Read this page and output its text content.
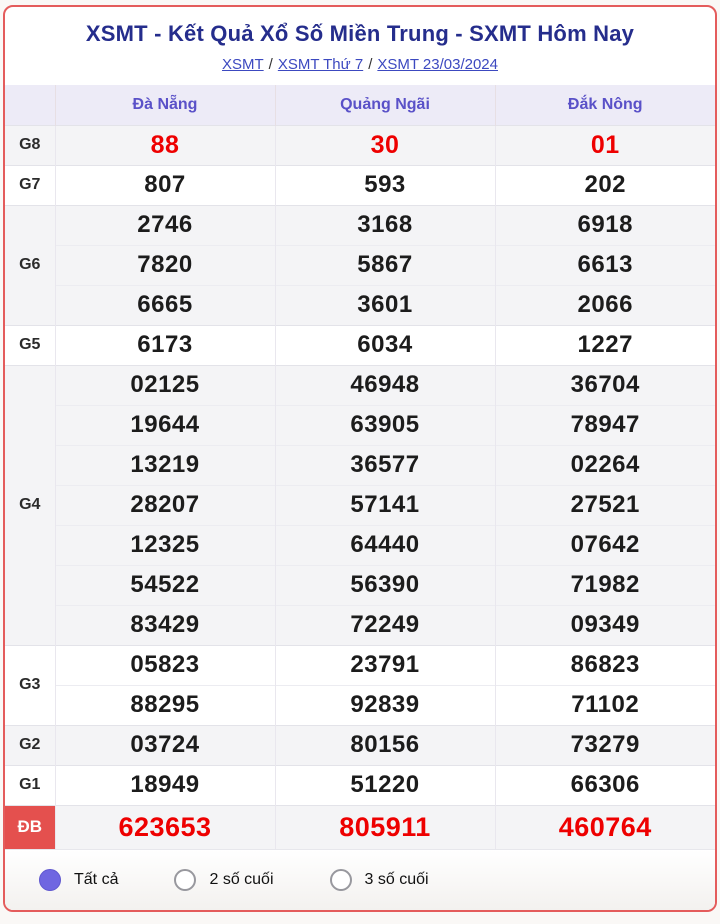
XSMT - Kết Quả Xổ Số Miền Trung - SXMT Hôm Nay
XSMT / XSMT Thứ 7 / XSMT 23/03/2024
	Đà Nẵng	Quảng Ngãi	Đắk Nông
G8	88	30	01
G7	807	593	202
G6	2746	3168	6918
	7820	5867	6613
	6665	3601	2066
G5	6173	6034	1227
G4	02125	46948	36704
	19644	63905	78947
	13219	36577	02264
	28207	57141	27521
	12325	64440	07642
	54522	56390	71982
	83429	72249	09349
G3	05823	23791	86823
	88295	92839	71102
G2	03724	80156	73279
G1	18949	51220	66306
ĐB	623653	805911	460764
Tất cả	2 số cuối	3 số cuối
